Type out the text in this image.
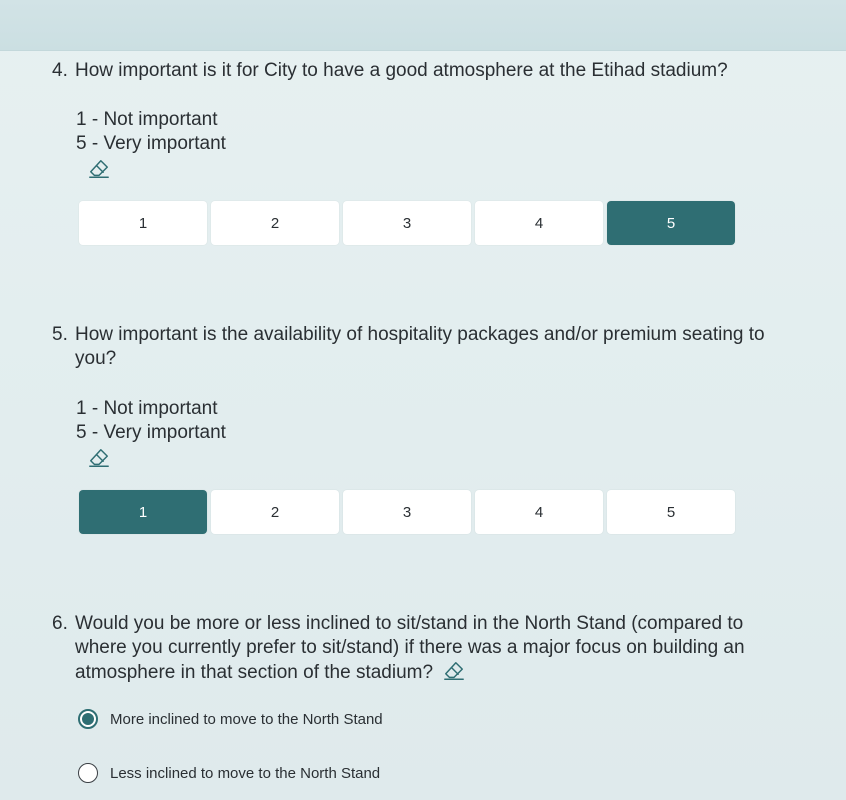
4. How important is it for City to have a good atmosphere at the Etihad stadium?
1 - Not important
5 - Very important
1	2	3	4	5
5. How important is the availability of hospitality packages and/or premium seating to you?
1 - Not important
5 - Very important
1	2	3	4	5
6. Would you be more or less inclined to sit/stand in the North Stand (compared to where you currently prefer to sit/stand) if there was a major focus on building an atmosphere in that section of the stadium?
More inclined to move to the North Stand
Less inclined to move to the North Stand
